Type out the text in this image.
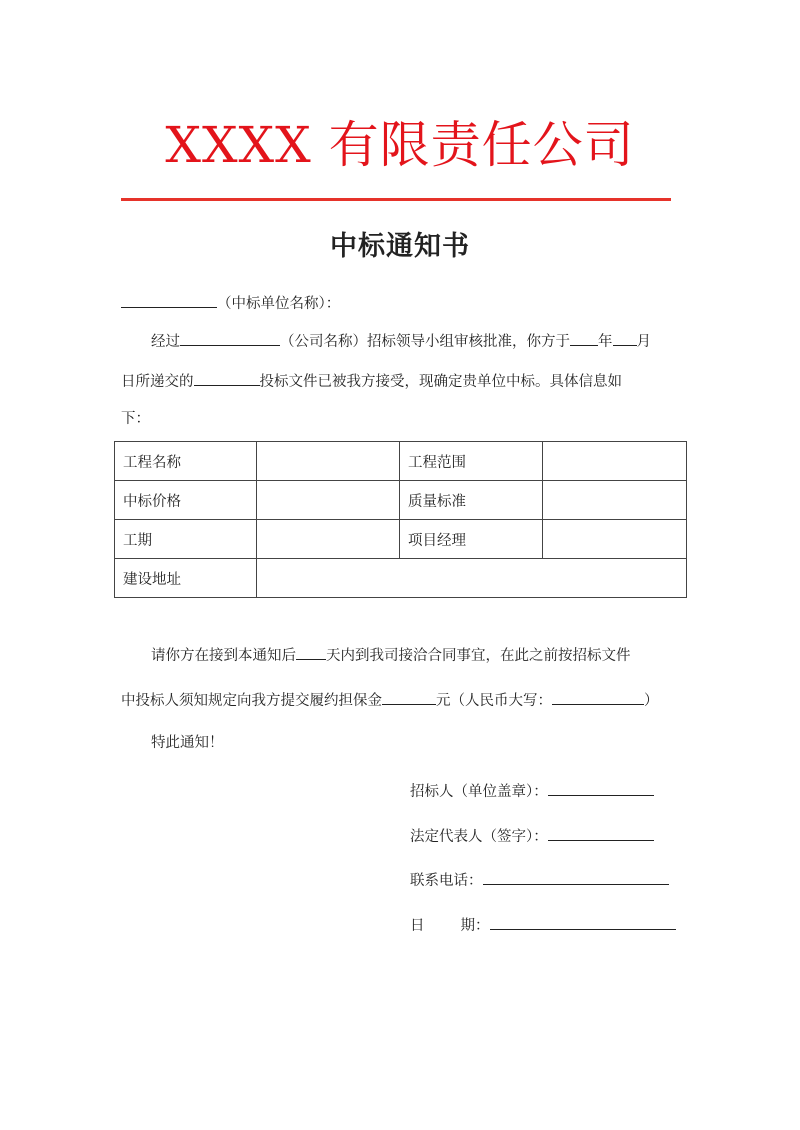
XXXX 有限责任公司
中标通知书
（中标单位名称）：
经过	（公司名称）招标领导小组审核批准，你方于 年 月
日所递交的	投标文件已被我方接受，现确定贵单位中标。具体信息如
下：
工程名称		工程范围	
中标价格		质量标准	
工期		项目经理	
建设地址			
请你方在接到本通知后 天内到我司接洽合同事宜，在此之前按招标文件
中投标人须知规定向我方提交履约担保金	元（人民币大写：	）
特此通知！
招标人（单位盖章）：
法定代表人（签字）：
联系电话：
日 期：
